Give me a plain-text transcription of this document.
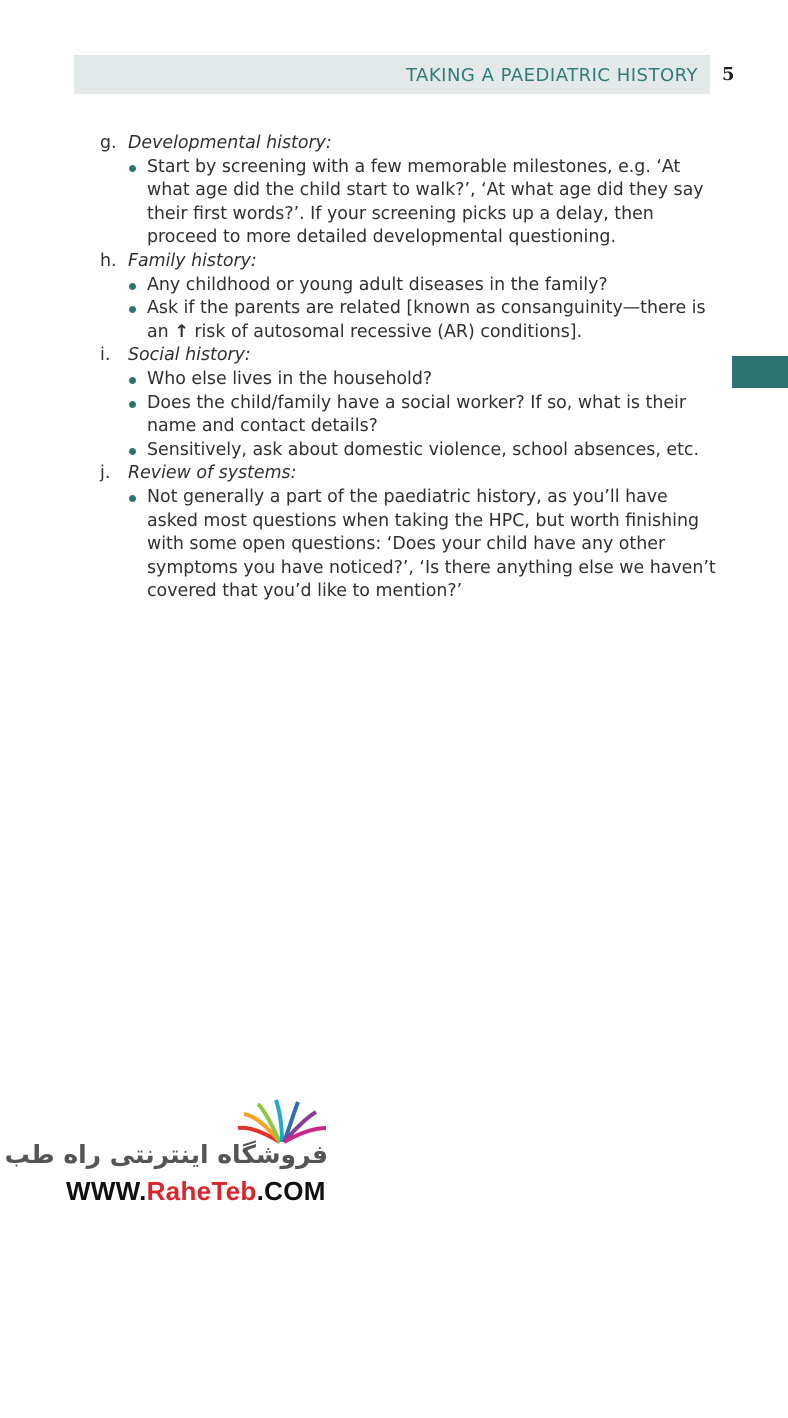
TAKING A PAEDIATRIC HISTORY 5
g. Developmental history:
Start by screening with a few memorable milestones, e.g. ‘At what age did the child start to walk?’, ‘At what age did they say their first words?’. If your screening picks up a delay, then proceed to more detailed developmental questioning.
h. Family history:
Any childhood or young adult diseases in the family?
Ask if the parents are related [known as consanguinity—there is an ↑ risk of autosomal recessive (AR) conditions].
i.	Social history:
Who else lives in the household?
Does the child/family have a social worker? If so, what is their name and contact details?
Sensitively, ask about domestic violence, school absences, etc.
j.	Review of systems:
Not generally a part of the paediatric history, as you’ll have asked most questions when taking the HPC, but worth finishing with some open questions: ‘Does your child have any other symptoms you have noticed?’, ‘Is there anything else we haven’t covered that you’d like to mention?’
فروشگاه اینترنتی راه طب
WWW.RaheTeb.COM
